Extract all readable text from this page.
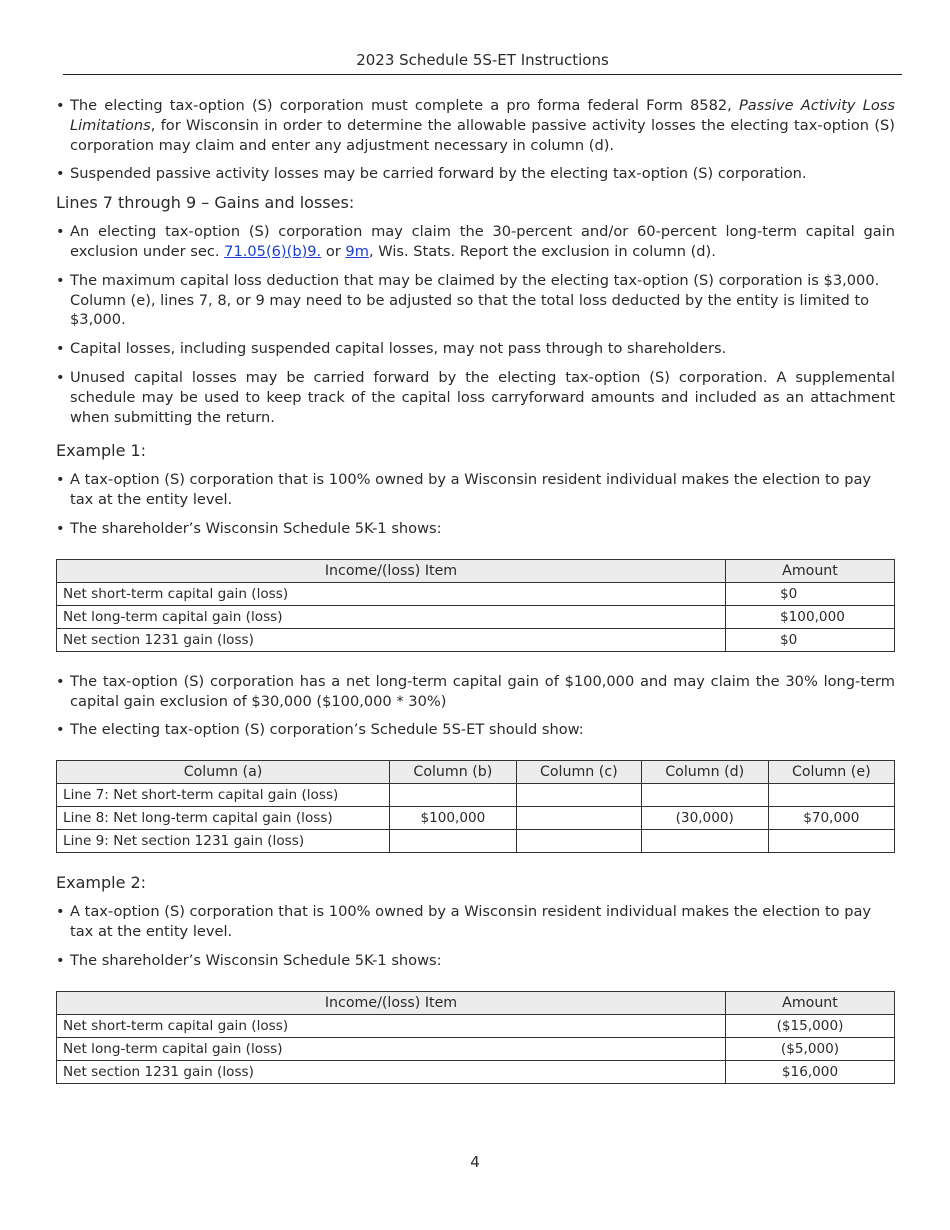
2023 Schedule 5S-ET Instructions
• The electing tax-option (S) corporation must complete a pro forma federal Form 8582, Passive Activity Loss Limitations, for Wisconsin in order to determine the allowable passive activity losses the electing tax-option (S) corporation may claim and enter any adjustment necessary in column (d).
• Suspended passive activity losses may be carried forward by the electing tax-option (S) corporation.
Lines 7 through 9 – Gains and losses:
• An electing tax-option (S) corporation may claim the 30-percent and/or 60-percent long-term capital gain exclusion under sec. 71.05(6)(b)9. or 9m, Wis. Stats. Report the exclusion in column (d).
• The maximum capital loss deduction that may be claimed by the electing tax-option (S) corporation is $3,000. Column (e), lines 7, 8, or 9 may need to be adjusted so that the total loss deducted by the entity is limited to $3,000.
• Capital losses, including suspended capital losses, may not pass through to shareholders.
• Unused capital losses may be carried forward by the electing tax-option (S) corporation. A supplemental schedule may be used to keep track of the capital loss carryforward amounts and included as an attachment when submitting the return.
Example 1:
• A tax-option (S) corporation that is 100% owned by a Wisconsin resident individual makes the election to pay tax at the entity level.
• The shareholder’s Wisconsin Schedule 5K-1 shows:
Income/(loss) Item	Amount
Net short-term capital gain (loss)	$0
Net long-term capital gain (loss)	$100,000
Net section 1231 gain (loss)	$0
• The tax-option (S) corporation has a net long-term capital gain of $100,000 and may claim the 30% long-term capital gain exclusion of $30,000 ($100,000 * 30%)
• The electing tax-option (S) corporation’s Schedule 5S-ET should show:
Column (a)	Column (b)	Column (c)	Column (d)	Column (e)
Line 7: Net short-term capital gain (loss)				
Line 8: Net long-term capital gain (loss)	$100,000		(30,000)	$70,000
Line 9: Net section 1231 gain (loss)				
Example 2:
• A tax-option (S) corporation that is 100% owned by a Wisconsin resident individual makes the election to pay tax at the entity level.
• The shareholder’s Wisconsin Schedule 5K-1 shows:
Income/(loss) Item	Amount
Net short-term capital gain (loss)	($15,000)
Net long-term capital gain (loss)	($5,000)
Net section 1231 gain (loss)	$16,000
4
